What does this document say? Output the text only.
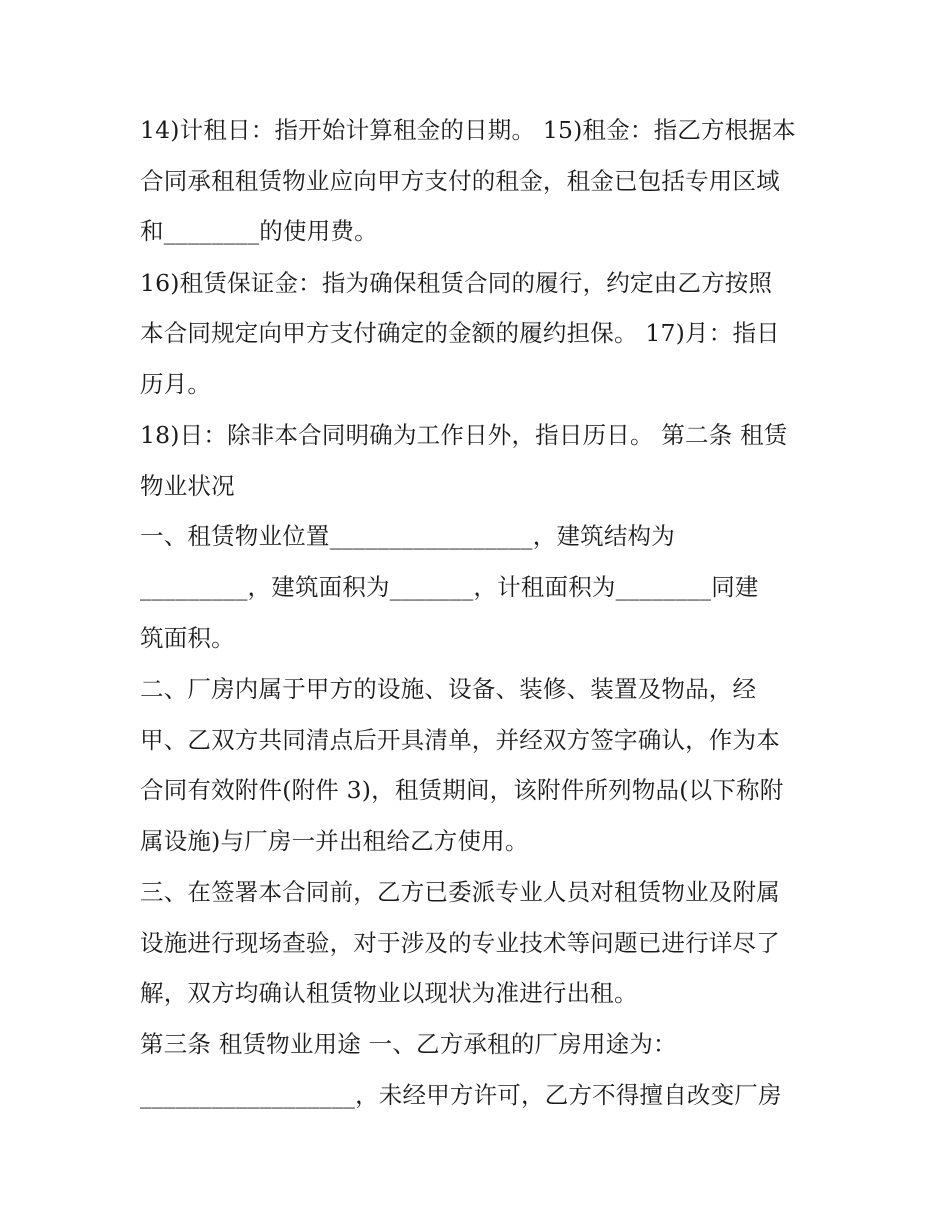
14)计租日：指开始计算租金的日期。 15)租金：指乙方根据本
合同承租租赁物业应向甲方支付的租金，租金已包括专用区域
和________的使用费。
16)租赁保证金：指为确保租赁合同的履行，约定由乙方按照
本合同规定向甲方支付确定的金额的履约担保。 17)月：指日
历月。
18)日：除非本合同明确为工作日外，指日历日。 第二条 租赁
物业状况
一、租赁物业位置_________________，建筑结构为
_________，建筑面积为_______，计租面积为________同建
筑面积。
二、厂房内属于甲方的设施、设备、装修、装置及物品，经
甲、乙双方共同清点后开具清单，并经双方签字确认，作为本
合同有效附件(附件 3)，租赁期间，该附件所列物品(以下称附
属设施)与厂房一并出租给乙方使用。
三、在签署本合同前，乙方已委派专业人员对租赁物业及附属
设施进行现场查验，对于涉及的专业技术等问题已进行详尽了
解，双方均确认租赁物业以现状为准进行出租。
第三条 租赁物业用途 一、乙方承租的厂房用途为：
__________________，未经甲方许可，乙方不得擅自改变厂房
